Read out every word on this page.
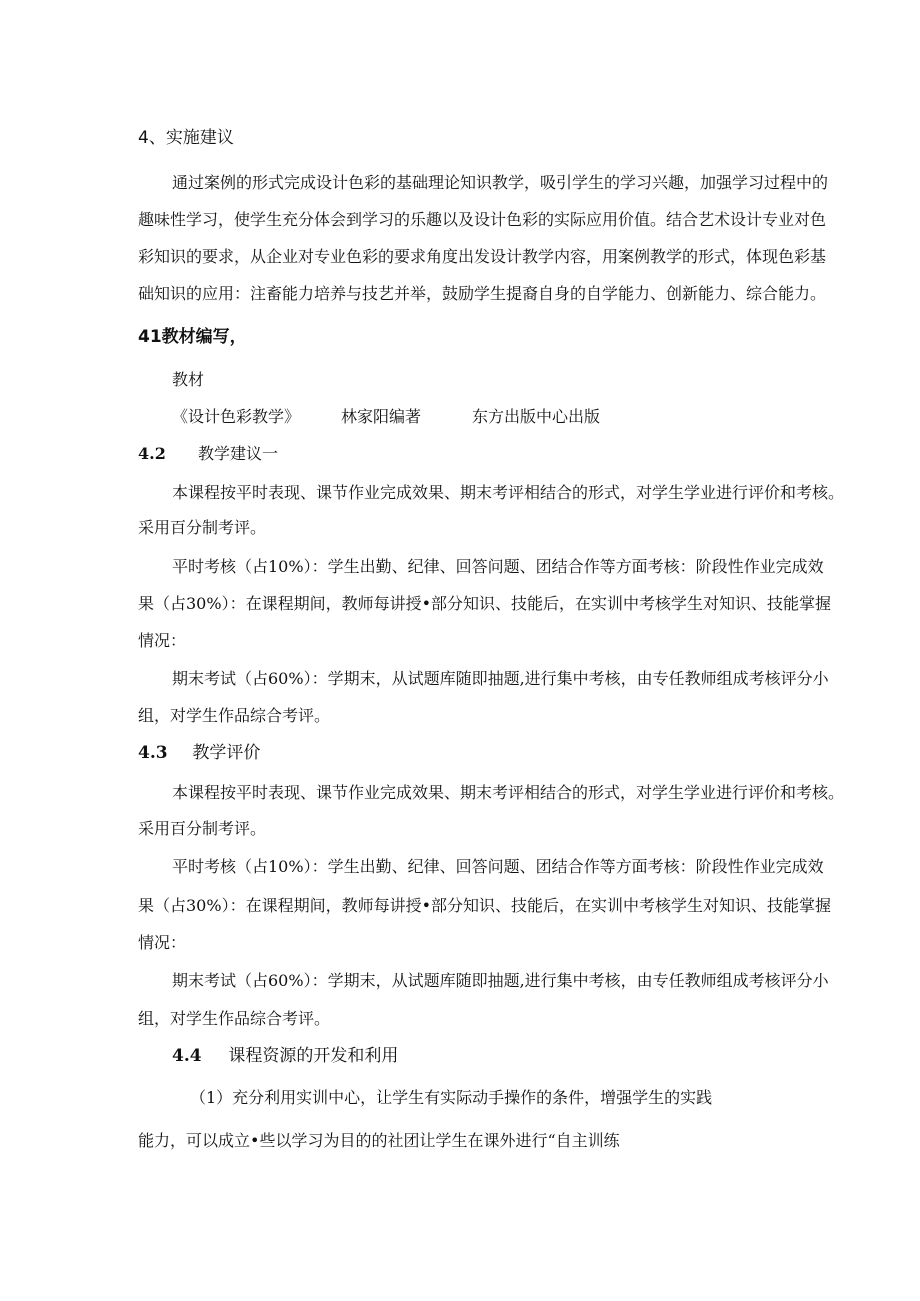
4、实施建议

通过案例的形式完成设计色彩的基础理论知识教学，吸引学生的学习兴趣，加强学习过程中的

趣味性学习，使学生充分体会到学习的乐趣以及设计色彩的实际应用价值。结合艺术设计专业对色

彩知识的要求，从企业对专业色彩的要求角度出发设计教学内容，用案例教学的形式，体现色彩基

础知识的应用：注畜能力培养与技艺并举，鼓励学生提裔自身的自学能力、创新能力、综合能力。

41教材编写，

教材

《设计色彩教学》	林家阳编著	东方出版中心出版

4.2 教学建议一

本课程按平时表现、课节作业完成效果、期末考评相结合的形式，对学生学业进行评价和考核。

采用百分制考评。

平时考核（占10%）：学生出勤、纪律、回答问题、团结合作等方面考核：阶段性作业完成效

果（占30%）：在课程期间，教师每讲授•部分知识、技能后，在实训中考核学生对知识、技能掌握

情况：

期末考试（占60%）：学期末，从试题库随即抽题,进行集中考核，由专任教师组成考核评分小

组，对学生作品综合考评。

4.3 教学评价

本课程按平时表现、课节作业完成效果、期末考评相结合的形式，对学生学业进行评价和考核。

采用百分制考评。

平时考核（占10%）：学生出勤、纪律、回答问题、团结合作等方面考核：阶段性作业完成效

果（占30%）：在课程期间，教师每讲授•部分知识、技能后，在实训中考核学生对知识、技能掌握

情况：

期末考试（占60%）：学期末，从试题库随即抽题,进行集中考核，由专任教师组成考核评分小

组，对学生作品综合考评。

4.4 课程资源的开发和利用

（1）充分利用实训中心，让学生有实际动手操作的条件，增强学生的实践

能力，可以成立•些以学习为目的的社团让学生在课外进行“自主训练
